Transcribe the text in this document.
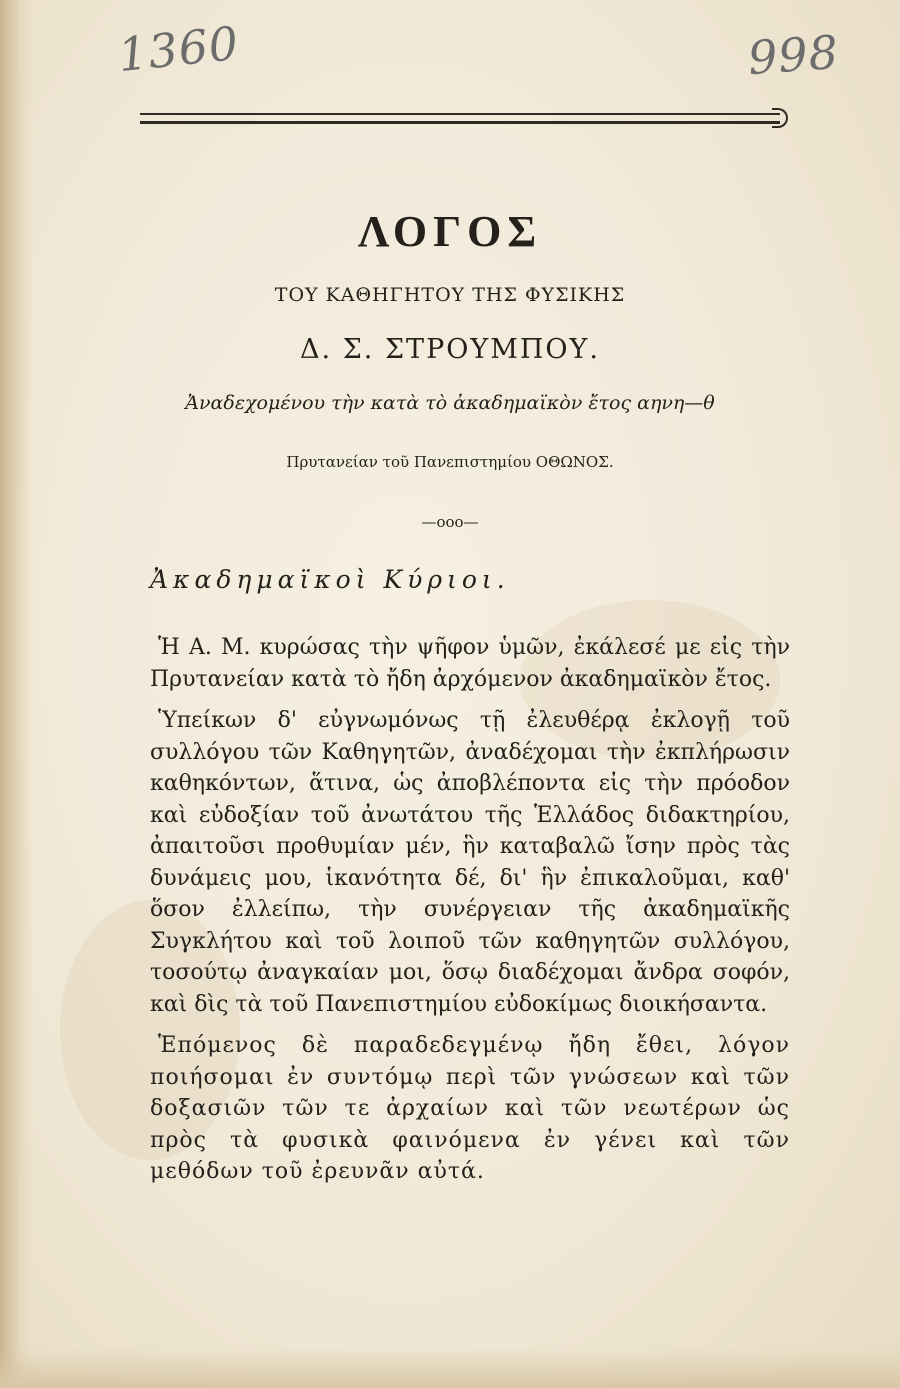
1360	998
ΛΟΓΟΣ
ΤΟΥ ΚΑΘΗΓΗΤΟΥ ΤΗΣ ΦΥΣΙΚΗΣ
Δ. Σ. ΣΤΡΟΥΜΠΟΥ.
Ἀναδεχομένου τὴν κατὰ τὸ ἀκαδημαϊκὸν ἔτος αηνη—θ
Πρυτανείαν τοῦ Πανεπιστημίου ΟΘΩΝΟΣ.
—οοο—
Ἀκαδημαϊκοὶ Κύριοι.

Ἡ Α. Μ. κυρώσας τὴν ψῆφον ὑμῶν, ἐκάλεσέ με εἰς τὴν Πρυτανείαν κατὰ τὸ ἤδη ἀρχόμενον ἀκαδημαϊκὸν ἔτος.

Ὑπείκων δ' εὐγνωμόνως τῇ ἐλευθέρᾳ ἐκλογῇ τοῦ συλλόγου τῶν Καθηγητῶν, ἀναδέχομαι τὴν ἐκπλήρωσιν καθηκόντων, ἅτινα, ὡς ἀποβλέποντα εἰς τὴν πρόοδον καὶ εὐδοξίαν τοῦ ἀνωτάτου τῆς Ἑλλάδος διδακτηρίου, ἀπαιτοῦσι προθυμίαν μέν, ἣν καταβαλῶ ἴσην πρὸς τὰς δυνάμεις μου, ἱκανότητα δέ, δι' ἣν ἐπικαλοῦμαι, καθ' ὅσον ἐλλείπω, τὴν συνέργειαν τῆς ἀκαδημαϊκῆς Συγκλήτου καὶ τοῦ λοιποῦ τῶν καθηγητῶν συλλόγου, τοσούτῳ ἀναγκαίαν μοι, ὅσῳ διαδέχομαι ἄνδρα σοφόν, καὶ δὶς τὰ τοῦ Πανεπιστημίου εὐδοκίμως διοικήσαντα.

Ἑπόμενος δὲ παραδεδεγμένῳ ἤδη ἔθει, λόγον ποιήσομαι ἐν συντόμῳ περὶ τῶν γνώσεων καὶ τῶν δοξασιῶν τῶν τε ἀρχαίων καὶ τῶν νεωτέρων ὡς πρὸς τὰ φυσικὰ φαινόμενα ἐν γένει καὶ τῶν μεθόδων τοῦ ἐρευνᾶν αὐτά.
